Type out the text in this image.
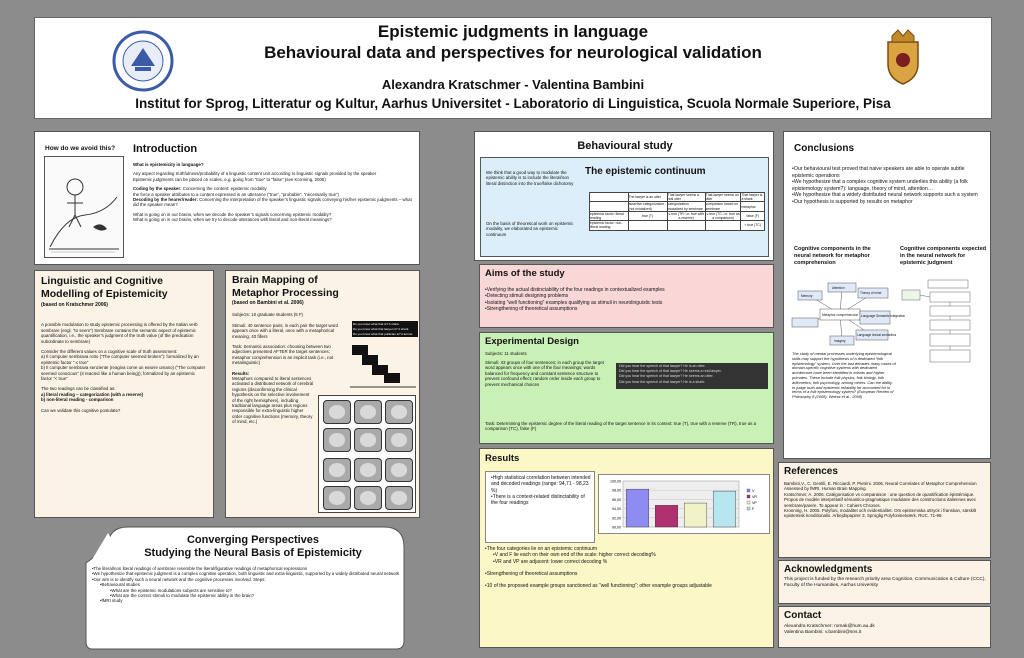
Epistemic judgments in language
Behavioural data and perspectives for neurological validation
Alexandra Kratschmer - Valentina Bambini
Institut for Sprog, Litteratur og Kultur, Aarhus Universitet - Laboratorio di Linguistica, Scuola Normale Superiore, Pisa
How do we avoid this? Introduction
What is epistemicity in language?
Any aspect regarding truthfulness/probability of a linguistic content unit according to linguistic signals provided by the speaker
Epistemic judgments can be placed on scales, e.g. going from “true” to “false” (see Kronning, 2005)
Coding by the speaker: Concerning the content: epistemic modality
the force a speaker attributes to a content expressed in an utterance (“true”, “probable”, “necessarily true”)
Decoding by the hearer/reader: Concerning the interpretation of the speaker’s linguistic signals conveying his/her epistemic judgments – what did the speaker mean?
What is going on in our brains, when we decode the speaker’s signals concerning epistemic modality?
What is going on in our brains, when we try to decode utterances with literal and non-literal meanings?
Linguistic and Cognitive Modelling of Epistemicity
(based on Kratschmer 2006)
A possible modulation to study epistemic processing is offered by the Italian verb sembrare (engl. “to seem”) Sembrare contains the semantic aspect of epistemic quantification, i.e., the speaker’s judgment of the truth value (of the predication subordinate to sembrare)
Consider the different values on a cognitive scale of truth assessment:
a) Il computer sembrava rotto (“The computer seemed broken”): formalized by an epistemic factor “ ≤ true”
b) Il computer sembrava senziente (reagiva come un essere umano) (“The computer seemed conscious” (it reacted like a human being)); formalized by an epistemic factor “< true”
The two readings can be classified as:
a) literal reading – categorization (with a reserve)
b) non-literal reading - comparison
Can we validate this cognitive postulate?
Brain Mapping of Metaphor Processing
(based on Bambini et al. 2006)
Subjects: 10 graduate students (5 F)
Stimuli: 40 sentence pairs; in each pair the target word appears once with a literal, once with a metaphorical meaning; 40 fillers
Task: Semantic association: choosing between two adjectives presented AFTER the target sentences; metaphor comprehension is an implicit task (i.e., not metalinguistic)
Results:
Metaphors compared to literal sentences activated a distributed network of cerebral regions (disconfirming the clinical hypothesis on the selective involvement of the right hemisphere), including traditional language areas plus regions responsible for extra-linguistic higher order cognitive functions (memory, theory of mind, etc.)
Do you know what that is? A shark.
Do you know what that lawyer is? A shark.
Do you know what that politician is? A kernel.
Converging Perspectives
Studying the Neural Basis of Epistemicity
•The literal/non literal readings of sembrare resemble the literal/figurative readings of metaphorical expressions
•We hypothesize that epistemic judgment is a complex cognitive operation, both linguistic and extra-linguistic, supported by a widely distributed neural network
•Our aim is to identify such a neural network and the cognitive processes involved. Steps:
•Behavioural studies
•What are the epistemic modulations subjects are sensitive to?
•What are the correct stimuli to modulate the epistemic ability in the brain?
•fMRI study
Behavioural study
We think that a good way to modulate the epistemic ability is to include the literal/non literal distinction into the true/false dichotomy
On the basis of theoretical work on epistemic modality, we elaborated an epistemic continuum
The epistemic continuum
	The lawyer is an otter	That lawyer seems a real otter	That lawyer seems an otter	That lawyer is a shark
	assertive categorization (not modalized)	categorization modalized by sembrare	comparison based on sembrare	metaphor
epistemic factor: literal reading	true (T)	≤ true (TR: i.e. true with a reserve)	≤ true (TC: i.e. true as a comparison)	false (F)
epistemic factor: non-literal reading				< true (TC)
Aims of the study
•Verifying the actual distinctability of the four readings in contextualized examples
•Detecting stimuli designing problems
•Isolating “well functioning” examples qualifying as stimuli in neurolinguistic tests
•Strengthening of theoretical assumptions
Experimental Design
Subjects: 11 students
Stimuli: 43 groups of four sentences; in each group the target word appears once with one of the four meanings; words balanced for frequency and constant sentence structure to prevent confound effect; random order inside each group to prevent mechanical choices
Did you hear the speech of that lawyer? He is an otter.
Did you hear the speech of that lawyer? He seems a real lawyer.
Did you hear the speech of that lawyer? He seems an otter.
Did you hear the speech of that lawyer? He is a shark.
Task: Determining the epistemic degree of the literal reading of the target sentence in its context: true (T), true with a reserve (TR), true as a comparison (TC), false (F)
Results
•High statistical correlation between intended and decoded readings (range: 94,71 - 98,23 %)
•There is a context-related distinctability of the four readings
100,00
98,00
96,00
94,00
92,00
90,00
V
VR
VP
F
•The four categories lie on an epistemic continuum
•V and F lie each on their own end of the scale: higher correct decoding%
•VR and VP are adjacent: lower correct decoding %
•Strengthening of theoretical assumptions
•10 of the proposed example groups sanctioned as “well functioning”; other example groups adjustable
Conclusions
•Our behavioural test proved that naive speakers are able to operate subtle epistemic operations
•We hypothesize that a complex cognitive system underlies this ability (a folk epistemology system?): language, theory of mind, attention…
•We hypothesize that a widely distributed neural network supports such a system
•Our hypothesis is supported by results on metaphor
Cognitive components in the neural network for metaphor comprehension
Cognitive components expected in the neural network for epistemic judgment
Memory
Attention
Theory of mind
Metaphor comprehension Language Semantic integration
Language lexical semantics
Imagery
The study of mental processes underlying epistemological skills may support the hypothesis of a dedicated “folk epistemology” system. Over the last decades many cases of domain-specific cognitive systems with dedicated architecture have been identified in infants and higher primates. These include folk physics, folk biology, folk arithmetics, folk psychology, among others. Can the ability to judge truth and epistemic reliability be accounted for in terms of a folk epistemology system? (European Review of Philosophy 8 (2008), Weintz et al., 2008)
References
Bambini,V., C. Gentili, E. Ricciardi, P. Pietrini. 2006. Neural Correlates of Metaphor Comprehension Assessed by fMRI. Human Brain Mapping.
Kratschmer, A. 2006. Catégorisation vs comparaison : une question de quantification épistémique. Propos de modèle interprétatif sémantico-pragmatique modulaire des constructions italiennes avec sembrare/parere. To appear in : Cahiers Chronos.
Kronning, H. 2005. Polyfoni, modalitet och evidentialitet. Om epistemiska uttryck i franskan, särskilt epistemisk konditionalis. Arbejdspapirer 3, Sproglig Polyfoninetværk. RUC. 71-99.
Acknowledgments
This project is funded by the research priority area Cognition, Communication & Culture (CCC), Faculty of the Humanities, Aarhus University
Contact
Alexandra Kratschmer: romak@hum.au.dk
Valentina Bambini: v.bambini@sns.it
